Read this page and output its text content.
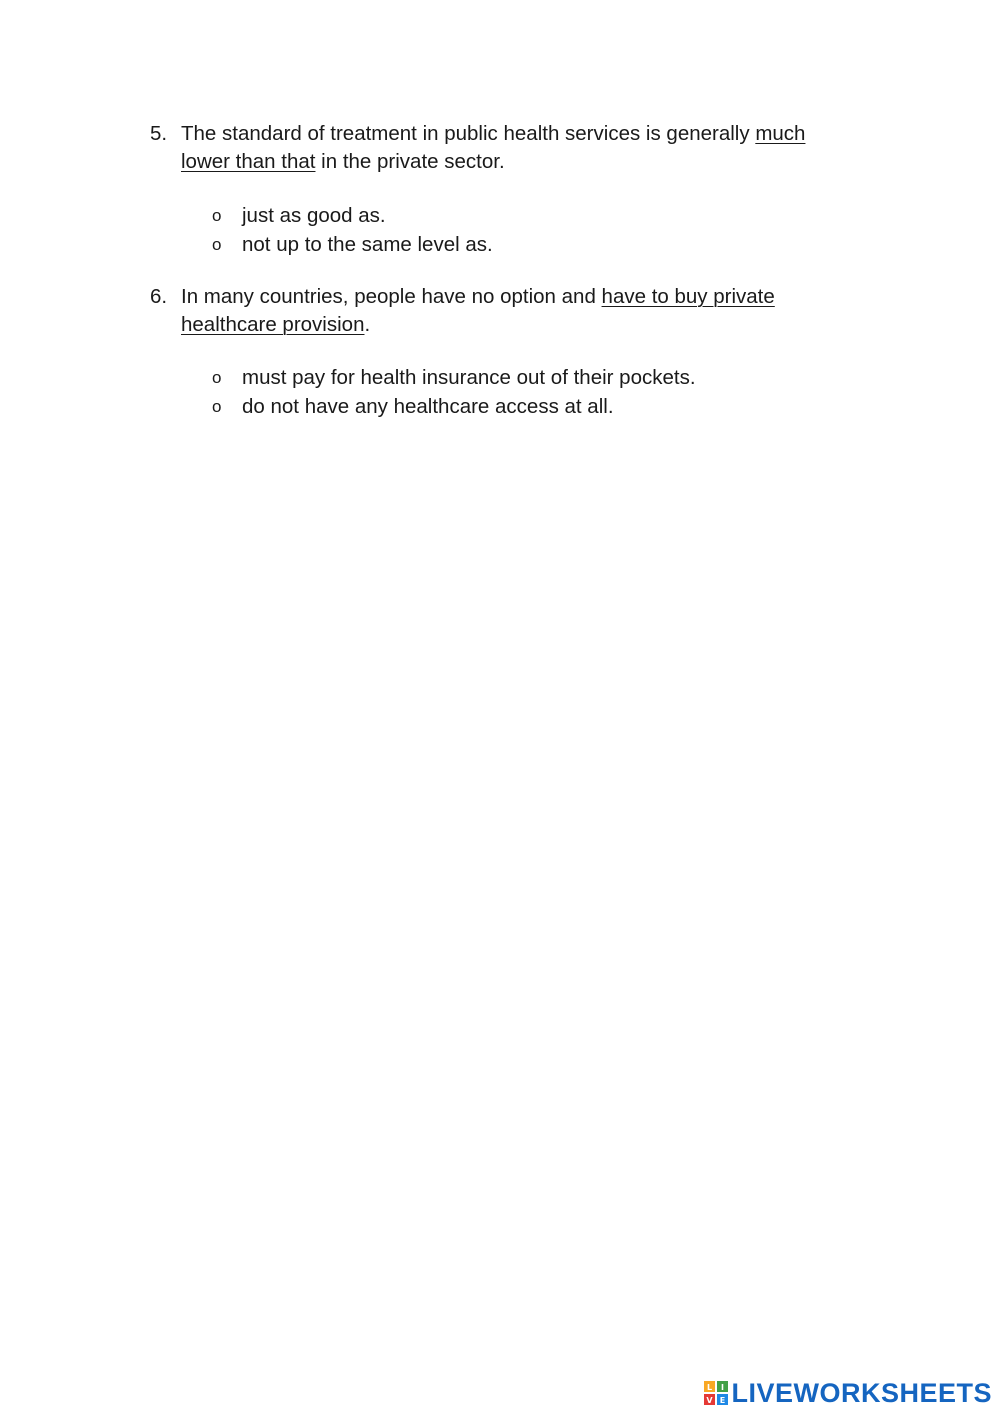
5. The standard of treatment in public health services is generally much lower than that in the private sector.
o	just as good as.
o	not up to the same level as.
6. In many countries, people have no option and have to buy private healthcare provision.
o	must pay for health insurance out of their pockets.
o	do not have any healthcare access at all.
L I
V E LIVEWORKSHEETS
